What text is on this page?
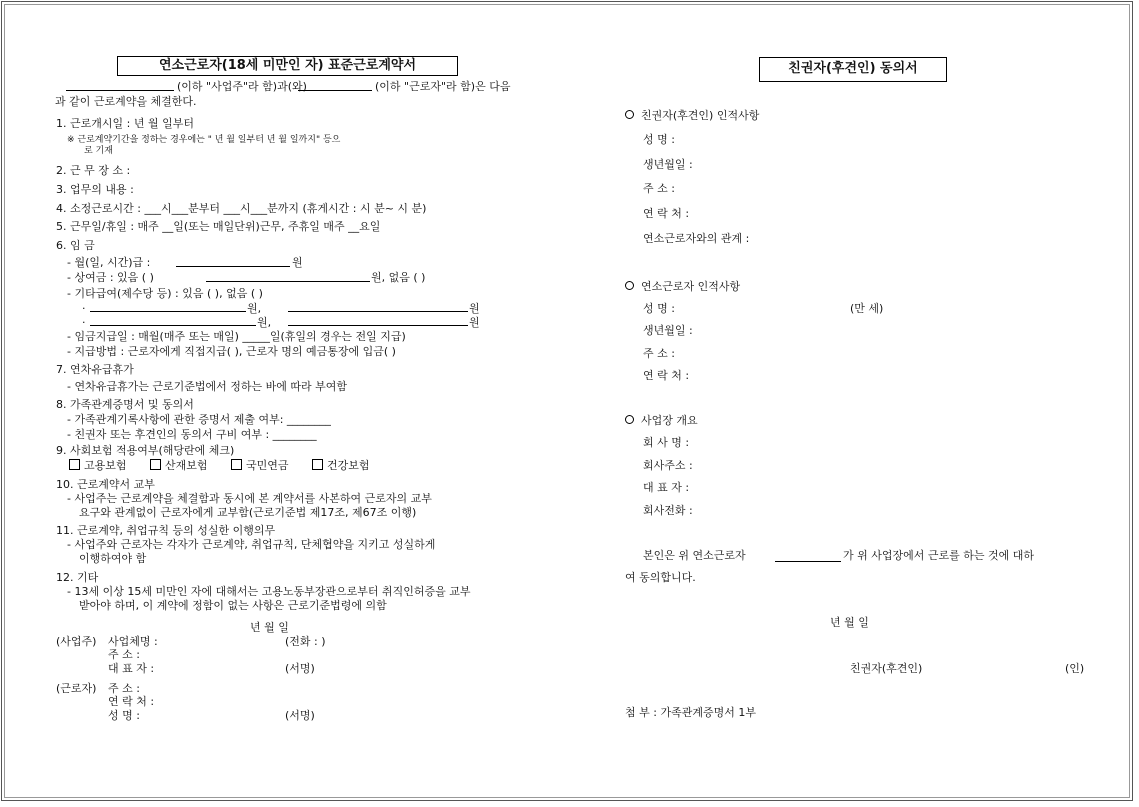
연소근로자(18세 미만인 자) 표준근로계약서
(이하 "사업주"라 함)과(와)	(이하 "근로자"라 함)은 다음
과 같이 근로계약을 체결한다.
1. 근로개시일 : 년 월 일부터
※ 근로계약기간을 정하는 경우에는 " 년 월 일부터 년 월 일까지" 등으
로 기재
2. 근 무 장 소 :
3. 업무의 내용 :
4. 소정근로시간 : ___시___분부터 ___시___분까지 (휴게시간 : 시 분~ 시 분)
5. 근무일/휴일 : 매주 __일(또는 매일단위)근무, 주휴일 매주 __요일
6. 임 금
- 월(일, 시간)급 :	원
- 상여금 : 있음 ( )	원, 없음 ( )
- 기타급여(제수당 등) : 있음 ( ), 없음 ( )
·	원,	원
·	원,	원
- 임금지급일 : 매월(매주 또는 매일) _____일(휴일의 경우는 전일 지급)
- 지급방법 : 근로자에게 직접지급( ), 근로자 명의 예금통장에 입금( )
7. 연차유급휴가
- 연차유급휴가는 근로기준법에서 정하는 바에 따라 부여함
8. 가족관계증명서 및 동의서
- 가족관계기록사항에 관한 증명서 제출 여부: ________
- 친권자 또는 후견인의 동의서 구비 여부 : ________
9. 사회보험 적용여부(해당란에 체크)
고용보험	산재보험	국민연금	건강보험
10. 근로계약서 교부
- 사업주는 근로계약을 체결함과 동시에 본 계약서를 사본하여 근로자의 교부
요구와 관계없이 근로자에게 교부함(근로기준법 제17조, 제67조 이행)
11. 근로계약, 취업규칙 등의 성실한 이행의무
- 사업주와 근로자는 각자가 근로계약, 취업규칙, 단체협약을 지키고 성실하게
이행하여야 함
12. 기타
- 13세 이상 15세 미만인 자에 대해서는 고용노동부장관으로부터 취직인허증을 교부
받아야 하며, 이 계약에 정함이 없는 사항은 근로기준법령에 의함
년 월 일
(사업주) 사업체명 :	(전화 : )
주 소 :
대 표 자 :	(서명)
(근로자) 주 소 :
연 락 처 :
성 명 :	(서명)
친권자(후견인) 동의서
친권자(후견인) 인적사항
성 명 :
생년월일 :
주 소 :
연 락 처 :
연소근로자와의 관계 :
연소근로자 인적사항
성 명 :	(만 세)
생년월일 :
주 소 :
연 락 처 :
사업장 개요
회 사 명 :
회사주소 :
대 표 자 :
회사전화 :
본인은 위 연소근로자	가 위 사업장에서 근로를 하는 것에 대하
여 동의합니다.
년 월 일
친권자(후견인)	(인)
첨 부 : 가족관계증명서 1부
